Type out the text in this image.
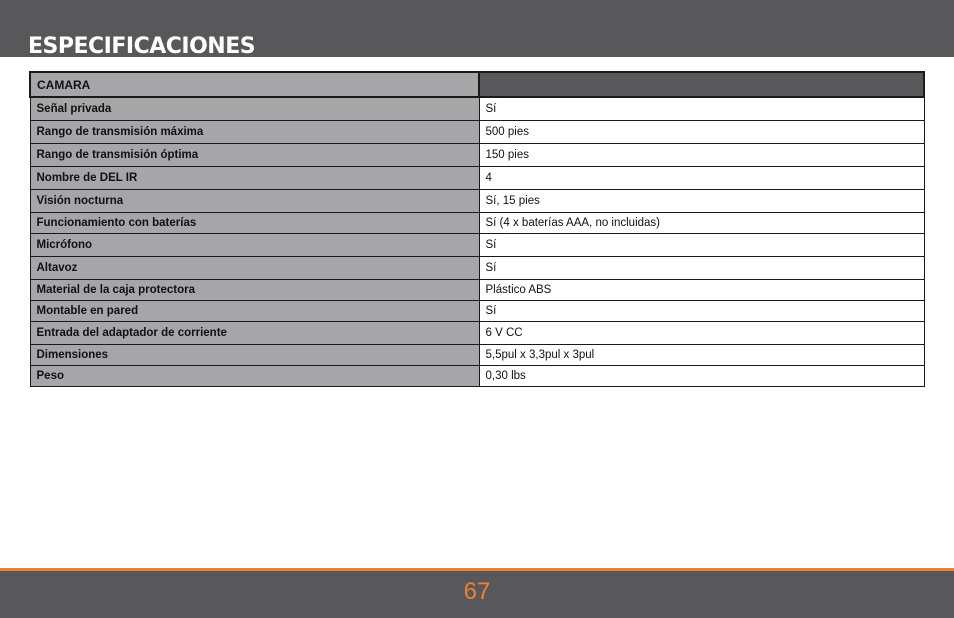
ESPECIFICACIONES
CAMARA	
Señal privada	Sí
Rango de transmisión máxima	500 pies
Rango de transmisión óptima	150 pies
Nombre de DEL IR	4
Visión nocturna	Sí, 15 pies
Funcionamiento con baterías	Sí (4 x baterías AAA, no incluidas)
Micrófono	Sí
Altavoz	Sí
Material de la caja protectora	Plástico ABS
Montable en pared	Sí
Entrada del adaptador de corriente	6 V CC
Dimensiones	5,5pul x 3,3pul x 3pul
Peso	0,30 lbs
67
